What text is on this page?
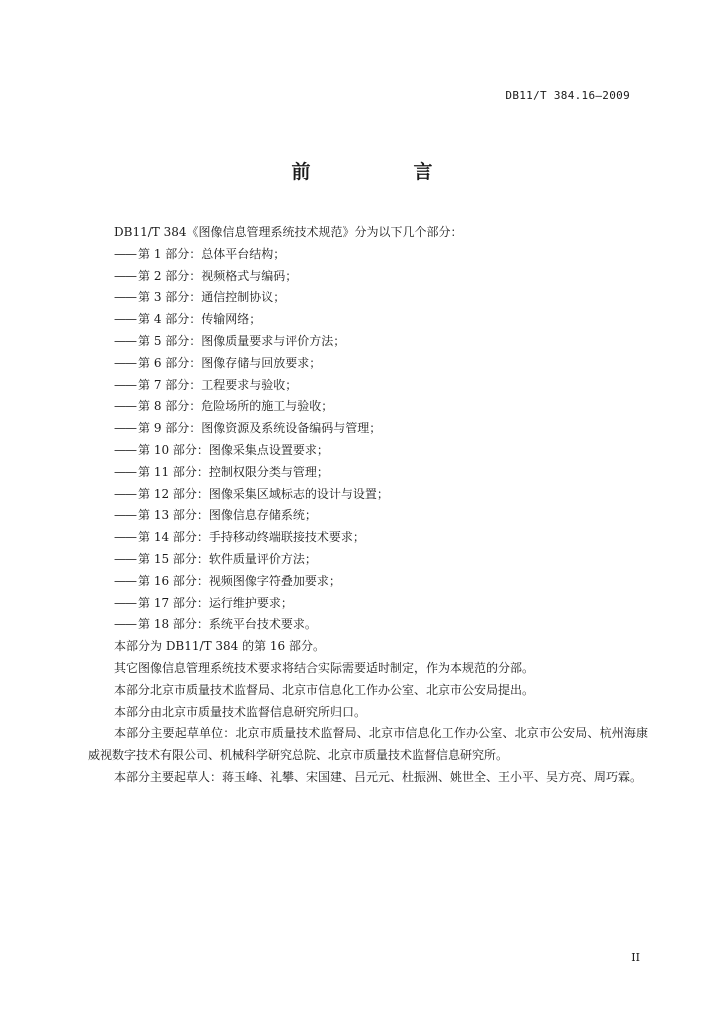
DB11/T 384.16—2009
前　言

DB11/T 384《图像信息管理系统技术规范》分为以下几个部分：

—— 第 1 部分：总体平台结构；
—— 第 2 部分：视频格式与编码；
—— 第 3 部分：通信控制协议；
—— 第 4 部分：传输网络；
—— 第 5 部分：图像质量要求与评价方法；
—— 第 6 部分：图像存储与回放要求；
—— 第 7 部分：工程要求与验收；
—— 第 8 部分：危险场所的施工与验收；
—— 第 9 部分：图像资源及系统设备编码与管理；
—— 第 10 部分：图像采集点设置要求；
—— 第 11 部分：控制权限分类与管理；
—— 第 12 部分：图像采集区域标志的设计与设置；
—— 第 13 部分：图像信息存储系统；
—— 第 14 部分：手持移动终端联接技术要求；
—— 第 15 部分：软件质量评价方法；
—— 第 16 部分：视频图像字符叠加要求；
—— 第 17 部分：运行维护要求；
—— 第 18 部分：系统平台技术要求。

本部分为 DB11/T 384 的第 16 部分。

其它图像信息管理系统技术要求将结合实际需要适时制定，作为本规范的分部。

本部分北京市质量技术监督局、北京市信息化工作办公室、北京市公安局提出。

本部分由北京市质量技术监督信息研究所归口。

本部分主要起草单位：北京市质量技术监督局、北京市信息化工作办公室、北京市公安局、杭州海康威视数字技术有限公司、机械科学研究总院、北京市质量技术监督信息研究所。

本部分主要起草人：蒋玉峰、礼攀、宋国建、吕元元、杜振洲、姚世全、王小平、吴方亮、周巧霖。

II
